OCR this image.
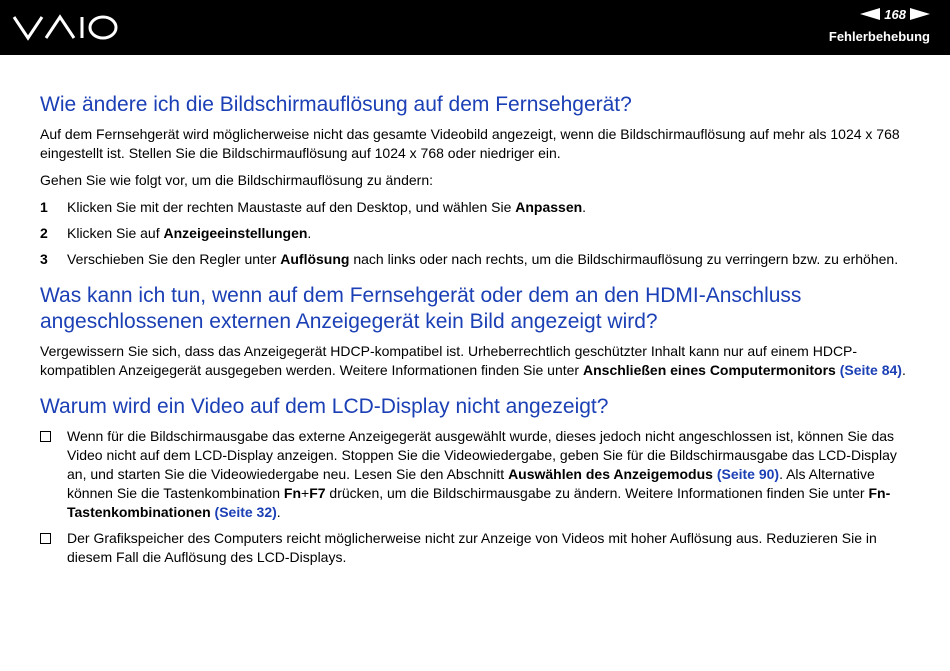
168
Fehlerbehebung
Wie ändere ich die Bildschirmauflösung auf dem Fernsehgerät?

Auf dem Fernsehgerät wird möglicherweise nicht das gesamte Videobild angezeigt, wenn die Bildschirmauflösung auf mehr als 1024 x 768 eingestellt ist. Stellen Sie die Bildschirmauflösung auf 1024 x 768 oder niedriger ein.

Gehen Sie wie folgt vor, um die Bildschirmauflösung zu ändern:

1	Klicken Sie mit der rechten Maustaste auf den Desktop, und wählen Sie Anpassen.
2	Klicken Sie auf Anzeigeeinstellungen.
3	Verschieben Sie den Regler unter Auflösung nach links oder nach rechts, um die Bildschirmauflösung zu verringern bzw. zu erhöhen.
Was kann ich tun, wenn auf dem Fernsehgerät oder dem an den HDMI-Anschluss angeschlossenen externen Anzeigegerät kein Bild angezeigt wird?

Vergewissern Sie sich, dass das Anzeigegerät HDCP-kompatibel ist. Urheberrechtlich geschützter Inhalt kann nur auf einem HDCP-kompatiblen Anzeigegerät ausgegeben werden. Weitere Informationen finden Sie unter Anschließen eines Computermonitors (Seite 84).

Warum wird ein Video auf dem LCD-Display nicht angezeigt?
Wenn für die Bildschirmausgabe das externe Anzeigegerät ausgewählt wurde, dieses jedoch nicht angeschlossen ist, können Sie das Video nicht auf dem LCD-Display anzeigen. Stoppen Sie die Videowiedergabe, geben Sie für die Bildschirmausgabe das LCD-Display an, und starten Sie die Videowiedergabe neu. Lesen Sie den Abschnitt Auswählen des Anzeigemodus (Seite 90). Als Alternative können Sie die Tastenkombination Fn+F7 drücken, um die Bildschirmausgabe zu ändern. Weitere Informationen finden Sie unter Fn-Tastenkombinationen (Seite 32).
Der Grafikspeicher des Computers reicht möglicherweise nicht zur Anzeige von Videos mit hoher Auflösung aus. Reduzieren Sie in diesem Fall die Auflösung des LCD-Displays.
